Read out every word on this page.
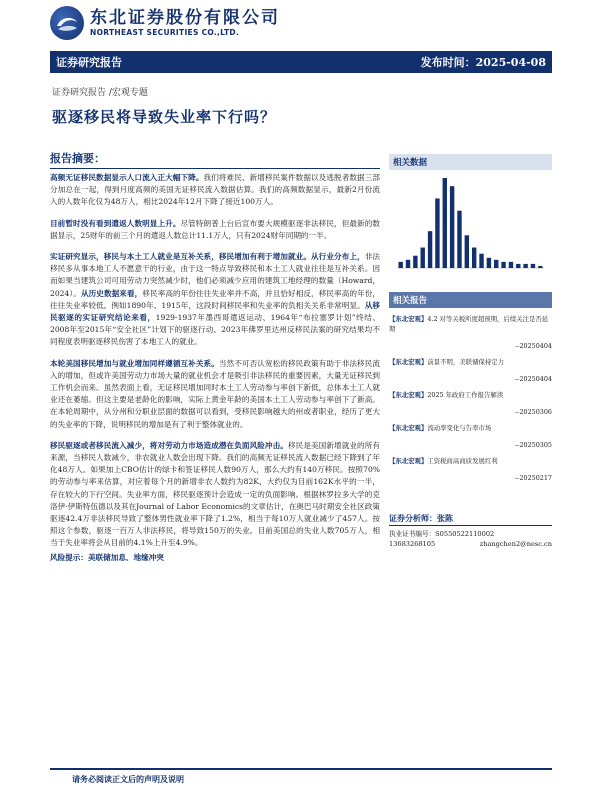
东北证券股份有限公司
NORTHEAST SECURITIES CO.,LTD.
证券研究报告	发布时间：2025-04-08
证券研究报告 /宏观专题
驱逐移民将导致失业率下行吗？
报告摘要：

高频无证移民数据显示人口流入正大幅下降。我们将难民、新增移民案件数据以及逃脱者数据三部分加总在一起，得到月度高频的美国无证移民流入数据估算。我们的高频数据显示，最新2月份流入的人数年化仅为48万人，相比2024年12月下降了接近100万人。

目前暂时没有看到遣返人数明显上升。尽管特朗普上台后宣布要大规模驱逐非法移民，但最新的数据显示，25财年的前三个月的遣返人数总计11.1万人，只有2024财年同期的一半。

实证研究显示，移民与本土工人就业是互补关系，移民增加有利于增加就业。从行业分布上，非法移民多从事本地工人不愿意干的行业，由于这一特点导致移民和本土工人就业往往是互补关系。因而如果当建筑公司可用劳动力突然减少时，他们必须减少应用的建筑工地经理的数量（Howard，2024）。从历史数据来看，移民率高的年份往往失业率并不高，并且恰好相反，移民率高的年份，往往失业率较低。例如1890年、1915年，这段时间移民率和失业率的负相关关系非常明显。从移民驱逐的实证研究结论来看，1929-1937年墨西哥遣返运动、1964年“布拉塞罗计划”终结、2008年至2015年“安全社区”计划下的驱逐行动、2023年佛罗里达州反移民法案的研究结果均不同程度表明驱逐移民伤害了本地工人的就业。

本轮美国移民增加与就业增加同样遵循互补关系。当然不可否认宽松的移民政策有助于非法移民流入的增加，但或许美国劳动力市场大量的就业机会才是吸引非法移民的重要因素，大量无证移民到工作机会而来。虽然表面上看，无证移民增加同时本土工人劳动参与率创下新低，总体本土工人就业还在萎缩。但这主要是老龄化的影响，实际上黄金年龄的美国本土工人劳动参与率创下了新高。在本轮周期中，从分州和分职业层面的数据可以看到，受移民影响越大的州或者职业，经历了更大的失业率的下降，说明移民的增加是有了利于整体就业的。

移民驱逐或者移民流入减少，将对劳动力市场造成潜在负面风险冲击。移民是美国新增就业的所有来源，当移民人数减少，非农就业人数会出现下降。我们的高频无证移民流入数据已经下降到了年化48万人。如果加上CBO估计的绿卡和签证移民人数90万人，那么大约有140万移民。按照70%的劳动参与率来估算，对应着每个月的新增非农人数约为82K，大约仅为目前162K水平的一半，存在较大的下行空间。失业率方面，移民驱逐预计会造成一定的负面影响。根据林罗拉多大学的克洛伊·伊斯特伍德以及其在Journal of Labor Economics的文章估计，在奥巴马时期安全社区政策驱逐42.4万非法移民导致了整体男性就业率下降了1.2%，相当于每10万人就业减少了457人。按照这个参数，驱逐一百万人非法移民，将导致150万的失业。目前美国总的失业人数705万人，相当于失业率将会从目前的4.1%上升至4.9%。

风险提示：美联储加息、地缘冲突
相关数据
相关报告
【东北宏观】4.2 对等关税所度超预期，后续关注是否延期
--20250404
【东北宏观】前景不明，美联储保持定力
--20250404
【东北宏观】2025 年政府工作报告解读
--20250306
【东北宏观】流动率变化与告率市场
--20250305
【东北宏观】工资税商高商质发展红利
--20250217
证券分析师：张陈
执业证书编号：S0550522110002
13683268105	zhangchen2@nesc.cn
请务必阅读正文后的声明及说明
